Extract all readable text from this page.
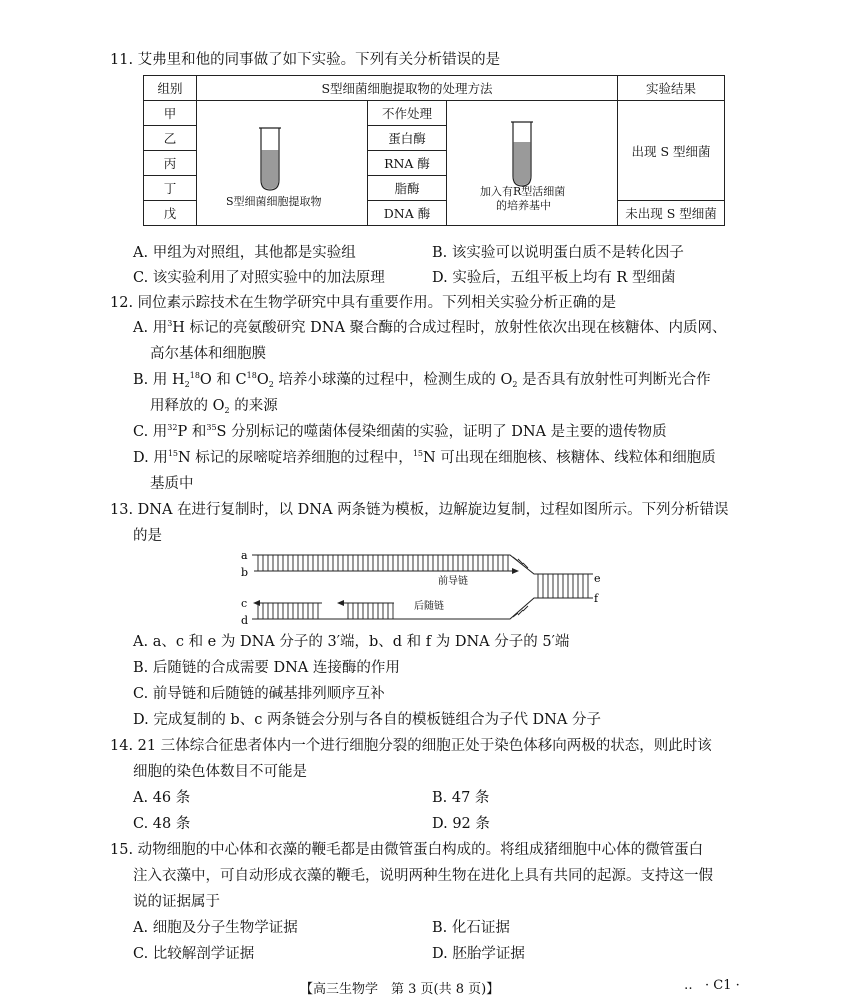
11. 艾弗里和他的同事做了如下实验。下列有关分析错误的是
组别	S型细菌细胞提取物的处理方法			实验结果
甲		不作处理		出现 S 型细菌
乙		蛋白酶		
丙		RNA 酶		
丁		脂酶		
戊		DNA 酶		未出现 S 型细菌
S型细菌细胞提取物
加入有R型活细菌
的培养基中
A. 甲组为对照组，其他都是实验组	B. 该实验可以说明蛋白质不是转化因子
C. 该实验利用了对照实验中的加法原理	D. 实验后，五组平板上均有 R 型细菌
12. 同位素示踪技术在生物学研究中具有重要作用。下列相关实验分析正确的是
A. 用$^3$H 标记的亮氨酸研究 DNA 聚合酶的合成过程时，放射性依次出现在核糖体、内质网、
高尔基体和细胞膜
B. 用 $H_2^{18}O$ 和 $C^{18}O_2$ 培养小球藻的过程中，检测生成的 $O_2$ 是否具有放射性可判断光合作
用释放的 $O_2$ 的来源
C. 用$^{32}$P 和$^{35}$S 分别标记的噬菌体侵染细菌的实验，证明了 DNA 是主要的遗传物质
D. 用$^{15}$N 标记的尿嘧啶培养细胞的过程中，$^{15}$N 可出现在细胞核、核糖体、线粒体和细胞质
基质中
13. DNA 在进行复制时，以 DNA 两条链为模板，边解旋边复制，过程如图所示。下列分析错误
的是
a
b
c
d
e
f
前导链
后随链
A. a、c 和 e 为 DNA 分子的 3′端，b、d 和 f 为 DNA 分子的 5′端
B. 后随链的合成需要 DNA 连接酶的作用
C. 前导链和后随链的碱基排列顺序互补
D. 完成复制的 b、c 两条链会分别与各自的模板链组合为子代 DNA 分子
14. 21 三体综合征患者体内一个进行细胞分裂的细胞正处于染色体移向两极的状态，则此时该
细胞的染色体数目不可能是
A. 46 条	B. 47 条
C. 48 条	D. 92 条
15. 动物细胞的中心体和衣藻的鞭毛都是由微管蛋白构成的。将组成猪细胞中心体的微管蛋白
注入衣藻中，可自动形成衣藻的鞭毛，说明两种生物在进化上具有共同的起源。支持这一假
说的证据属于
A. 细胞及分子生物学证据	B. 化石证据
C. 比较解剖学证据	D. 胚胎学证据
【高三生物学　第 3 页(共 8 页)】	‥ · C1 ·
